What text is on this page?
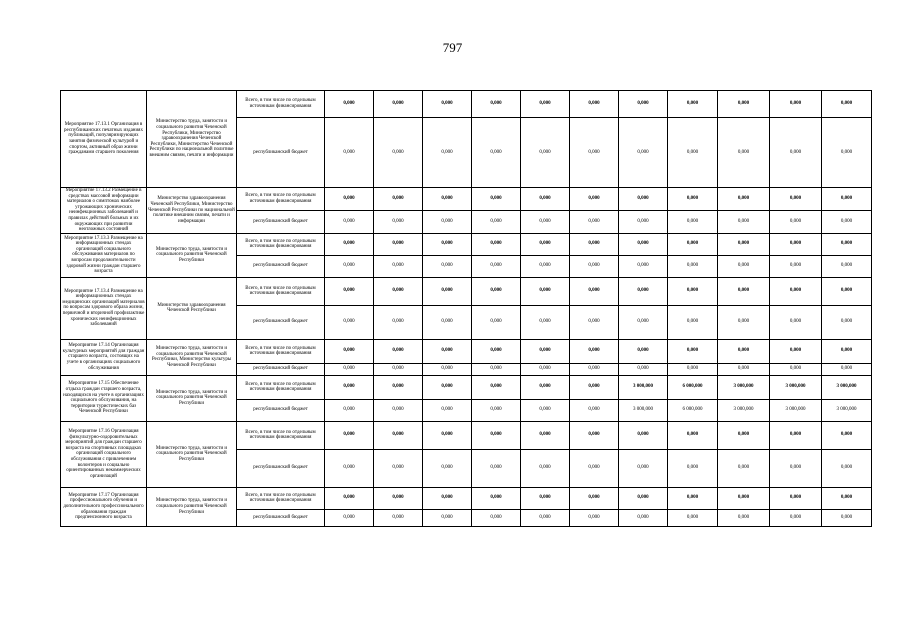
797
Мероприятие 17.13.1 Организация в республиканских печатных изданиях публикаций, популяризирующих занятия физической культурой и спортом, активный образ жизни гражданами старшего поколения	Министерство труда, занятости и социального развития Чеченской Республики, Министерство здравоохранения Чеченской Республики, Министерство Чеченской Республики по национальной политике внешним связям, печати и информации	Всего, в том числе по отдельным источникам финансирования	0,000	0,000	0,000	0,000	0,000	0,000	0,000	0,000	0,000	0,000	0,000
		республиканский бюджет	0,000	0,000	0,000	0,000	0,000	0,000	0,000	0,000	0,000	0,000	0,000
Мероприятие 17.13.2 Размещение в средствах массовой информации материалов о симптомах наиболее угрожающих хронических неинфекционных заболеваний и правилах действий больных и их окружающих при развитии неотложных состояний	Министерство здравоохранения Чеченской Республики, Министерство Чеченской Республики по национальной политике внешним связям, печати и информации	Всего, в том числе по отдельным источникам финансирования	0,000	0,000	0,000	0,000	0,000	0,000	0,000	0,000	0,000	0,000	0,000
		республиканский бюджет	0,000	0,000	0,000	0,000	0,000	0,000	0,000	0,000	0,000	0,000	0,000
Мероприятие 17.13.3 Размещение на информационных стендах организаций социального обслуживания материалов по вопросам продолжительности здоровой жизни граждан старшего возраста	Министерство труда, занятости и социального развития Чеченской Республики	Всего, в том числе по отдельным источникам финансирования	0,000	0,000	0,000	0,000	0,000	0,000	0,000	0,000	0,000	0,000	0,000
		республиканский бюджет	0,000	0,000	0,000	0,000	0,000	0,000	0,000	0,000	0,000	0,000	0,000
Мероприятие 17.13.4 Размещение на информационных стендах медицинских организаций материалов по вопросам здорового образа жизни, первичной и вторичной профилактике хронических неинфекционных заболеваний	Министерство здравоохранения Чеченской Республики	Всего, в том числе по отдельным источникам финансирования	0,000	0,000	0,000	0,000	0,000	0,000	0,000	0,000	0,000	0,000	0,000
		республиканский бюджет	0,000	0,000	0,000	0,000	0,000	0,000	0,000	0,000	0,000	0,000	0,000
Мероприятие 17.14 Организация культурных мероприятий для граждан старшего возраста, состоящих на учете в организациях социального обслуживания	Министерство труда, занятости и социального развития Чеченской Республики, Министерство культуры Чеченской Республики	Всего, в том числе по отдельным источникам финансирования	0,000	0,000	0,000	0,000	0,000	0,000	0,000	0,000	0,000	0,000	0,000
		республиканский бюджет	0,000	0,000	0,000	0,000	0,000	0,000	0,000	0,000	0,000	0,000	0,000
Мероприятие 17.15 Обеспечение отдыха граждан старшего возраста, находящихся на учете в организациях социального обслуживания, на территории туристических баз Чеченской Республики	Министерство труда, занятости и социального развития Чеченской Республики	Всего, в том числе по отдельным источникам финансирования	0,000	0,000	0,000	0,000	0,000	0,000	3 000,000	6 000,000	3 000,000	3 000,000	3 000,000
		республиканский бюджет	0,000	0,000	0,000	0,000	0,000	0,000	3 000,000	6 000,000	3 000,000	3 000,000	3 000,000
Мероприятие 17.16 Организация физкультурно-оздоровительных мероприятий для граждан старшего возраста на спортивных площадках организаций социального обслуживания с привлечением волонтеров и социально ориентированных некоммерческих организаций	Министерство труда, занятости и социального развития Чеченской Республики	Всего, в том числе по отдельным источникам финансирования	0,000	0,000	0,000	0,000	0,000	0,000	0,000	0,000	0,000	0,000	0,000
		республиканский бюджет	0,000	0,000	0,000	0,000	0,000	0,000	0,000	0,000	0,000	0,000	0,000
Мероприятие 17.17 Организация профессионального обучения и дополнительного профессионального образования граждан предпенсионного возраста	Министерство труда, занятости и социального развития Чеченской Республики	Всего, в том числе по отдельным источникам финансирования	0,000	0,000	0,000	0,000	0,000	0,000	0,000	0,000	0,000	0,000	0,000
		республиканский бюджет	0,000	0,000	0,000	0,000	0,000	0,000	0,000	0,000	0,000	0,000	0,000
